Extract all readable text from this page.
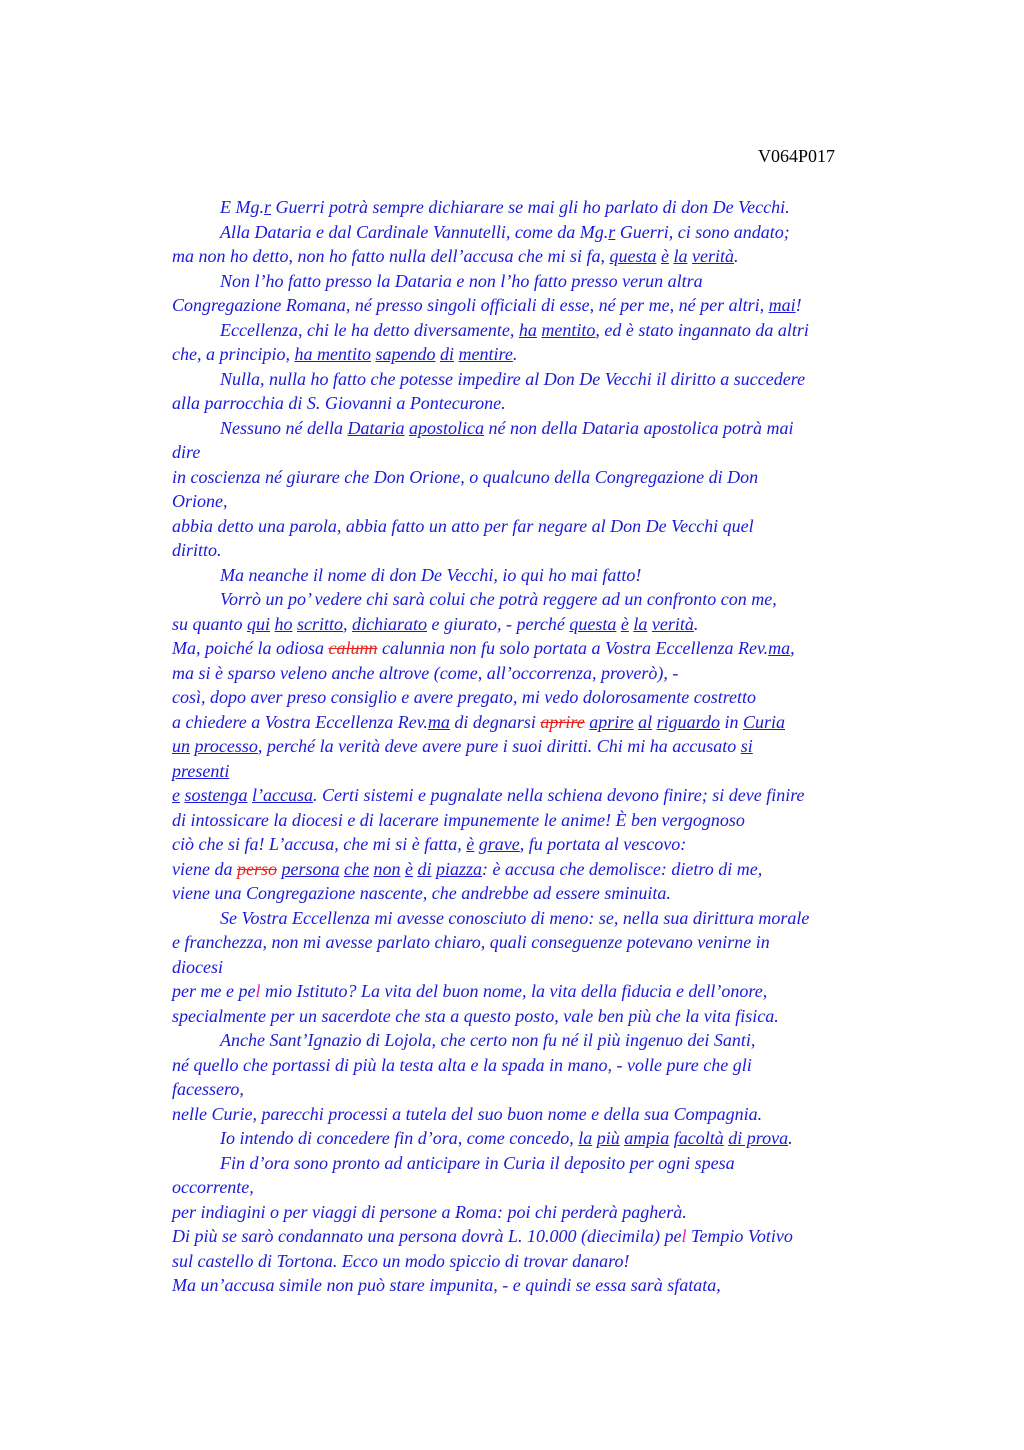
V064P017
E Mg.r Guerri potrà sempre dichiarare se mai gli ho parlato di don De Vecchi.
Alla Dataria e dal Cardinale Vannutelli, come da Mg.r Guerri, ci sono andato;
ma non ho detto, non ho fatto nulla dell’accusa che mi si fa, questa è la verità.
Non l’ho fatto presso la Dataria e non l’ho fatto presso verun altra
Congregazione Romana, né presso singoli officiali di esse, né per me, né per altri, mai!
Eccellenza, chi le ha detto diversamente, ha mentito, ed è stato ingannato da altri
che, a principio, ha mentito sapendo di mentire.
Nulla, nulla ho fatto che potesse impedire al Don De Vecchi il diritto a succedere
alla parrocchia di S. Giovanni a Pontecurone.
Nessuno né della Dataria apostolica né non della Dataria apostolica potrà mai
dire
in coscienza né giurare che Don Orione, o qualcuno della Congregazione di Don
Orione,
abbia detto una parola, abbia fatto un atto per far negare al Don De Vecchi quel
diritto.
Ma neanche il nome di don De Vecchi, io qui ho mai fatto!
Vorrò un po’ vedere chi sarà colui che potrà reggere ad un confronto con me,
su quanto qui ho scritto, dichiarato e giurato, - perché questa è la verità.
Ma, poiché la odiosa calunn calunnia non fu solo portata a Vostra Eccellenza Rev.ma,
ma si è sparso veleno anche altrove (come, all’occorrenza, proverò), -
così, dopo aver preso consiglio e avere pregato, mi vedo dolorosamente costretto
a chiedere a Vostra Eccellenza Rev.ma di degnarsi aprire aprire al riguardo in Curia
un processo, perché la verità deve avere pure i suoi diritti. Chi mi ha accusato si
presenti
e sostenga l’accusa. Certi sistemi e pugnalate nella schiena devono finire; si deve finire
di intossicare la diocesi e di lacerare impunemente le anime! È ben vergognoso
ciò che si fa! L’accusa, che mi si è fatta, è grave, fu portata al vescovo:
viene da perso persona che non è di piazza: è accusa che demolisce: dietro di me,
viene una Congregazione nascente, che andrebbe ad essere sminuita.
Se Vostra Eccellenza mi avesse conosciuto di meno: se, nella sua dirittura morale
e franchezza, non mi avesse parlato chiaro, quali conseguenze potevano venirne in
diocesi
per me e pel mio Istituto? La vita del buon nome, la vita della fiducia e dell’onore,
specialmente per un sacerdote che sta a questo posto, vale ben più che la vita fisica.
Anche Sant’Ignazio di Lojola, che certo non fu né il più ingenuo dei Santi,
né quello che portassi di più la testa alta e la spada in mano, - volle pure che gli
facessero,
nelle Curie, parecchi processi a tutela del suo buon nome e della sua Compagnia.
Io intendo di concedere fin d’ora, come concedo, la più ampia facoltà di prova.
Fin d’ora sono pronto ad anticipare in Curia il deposito per ogni spesa
occorrente,
per indiagini o per viaggi di persone a Roma: poi chi perderà pagherà.
Di più se sarò condannato una persona dovrà L. 10.000 (diecimila) pel Tempio Votivo
sul castello di Tortona. Ecco un modo spiccio di trovar danaro!
Ma un’accusa simile non può stare impunita, - e quindi se essa sarà sfatata,
